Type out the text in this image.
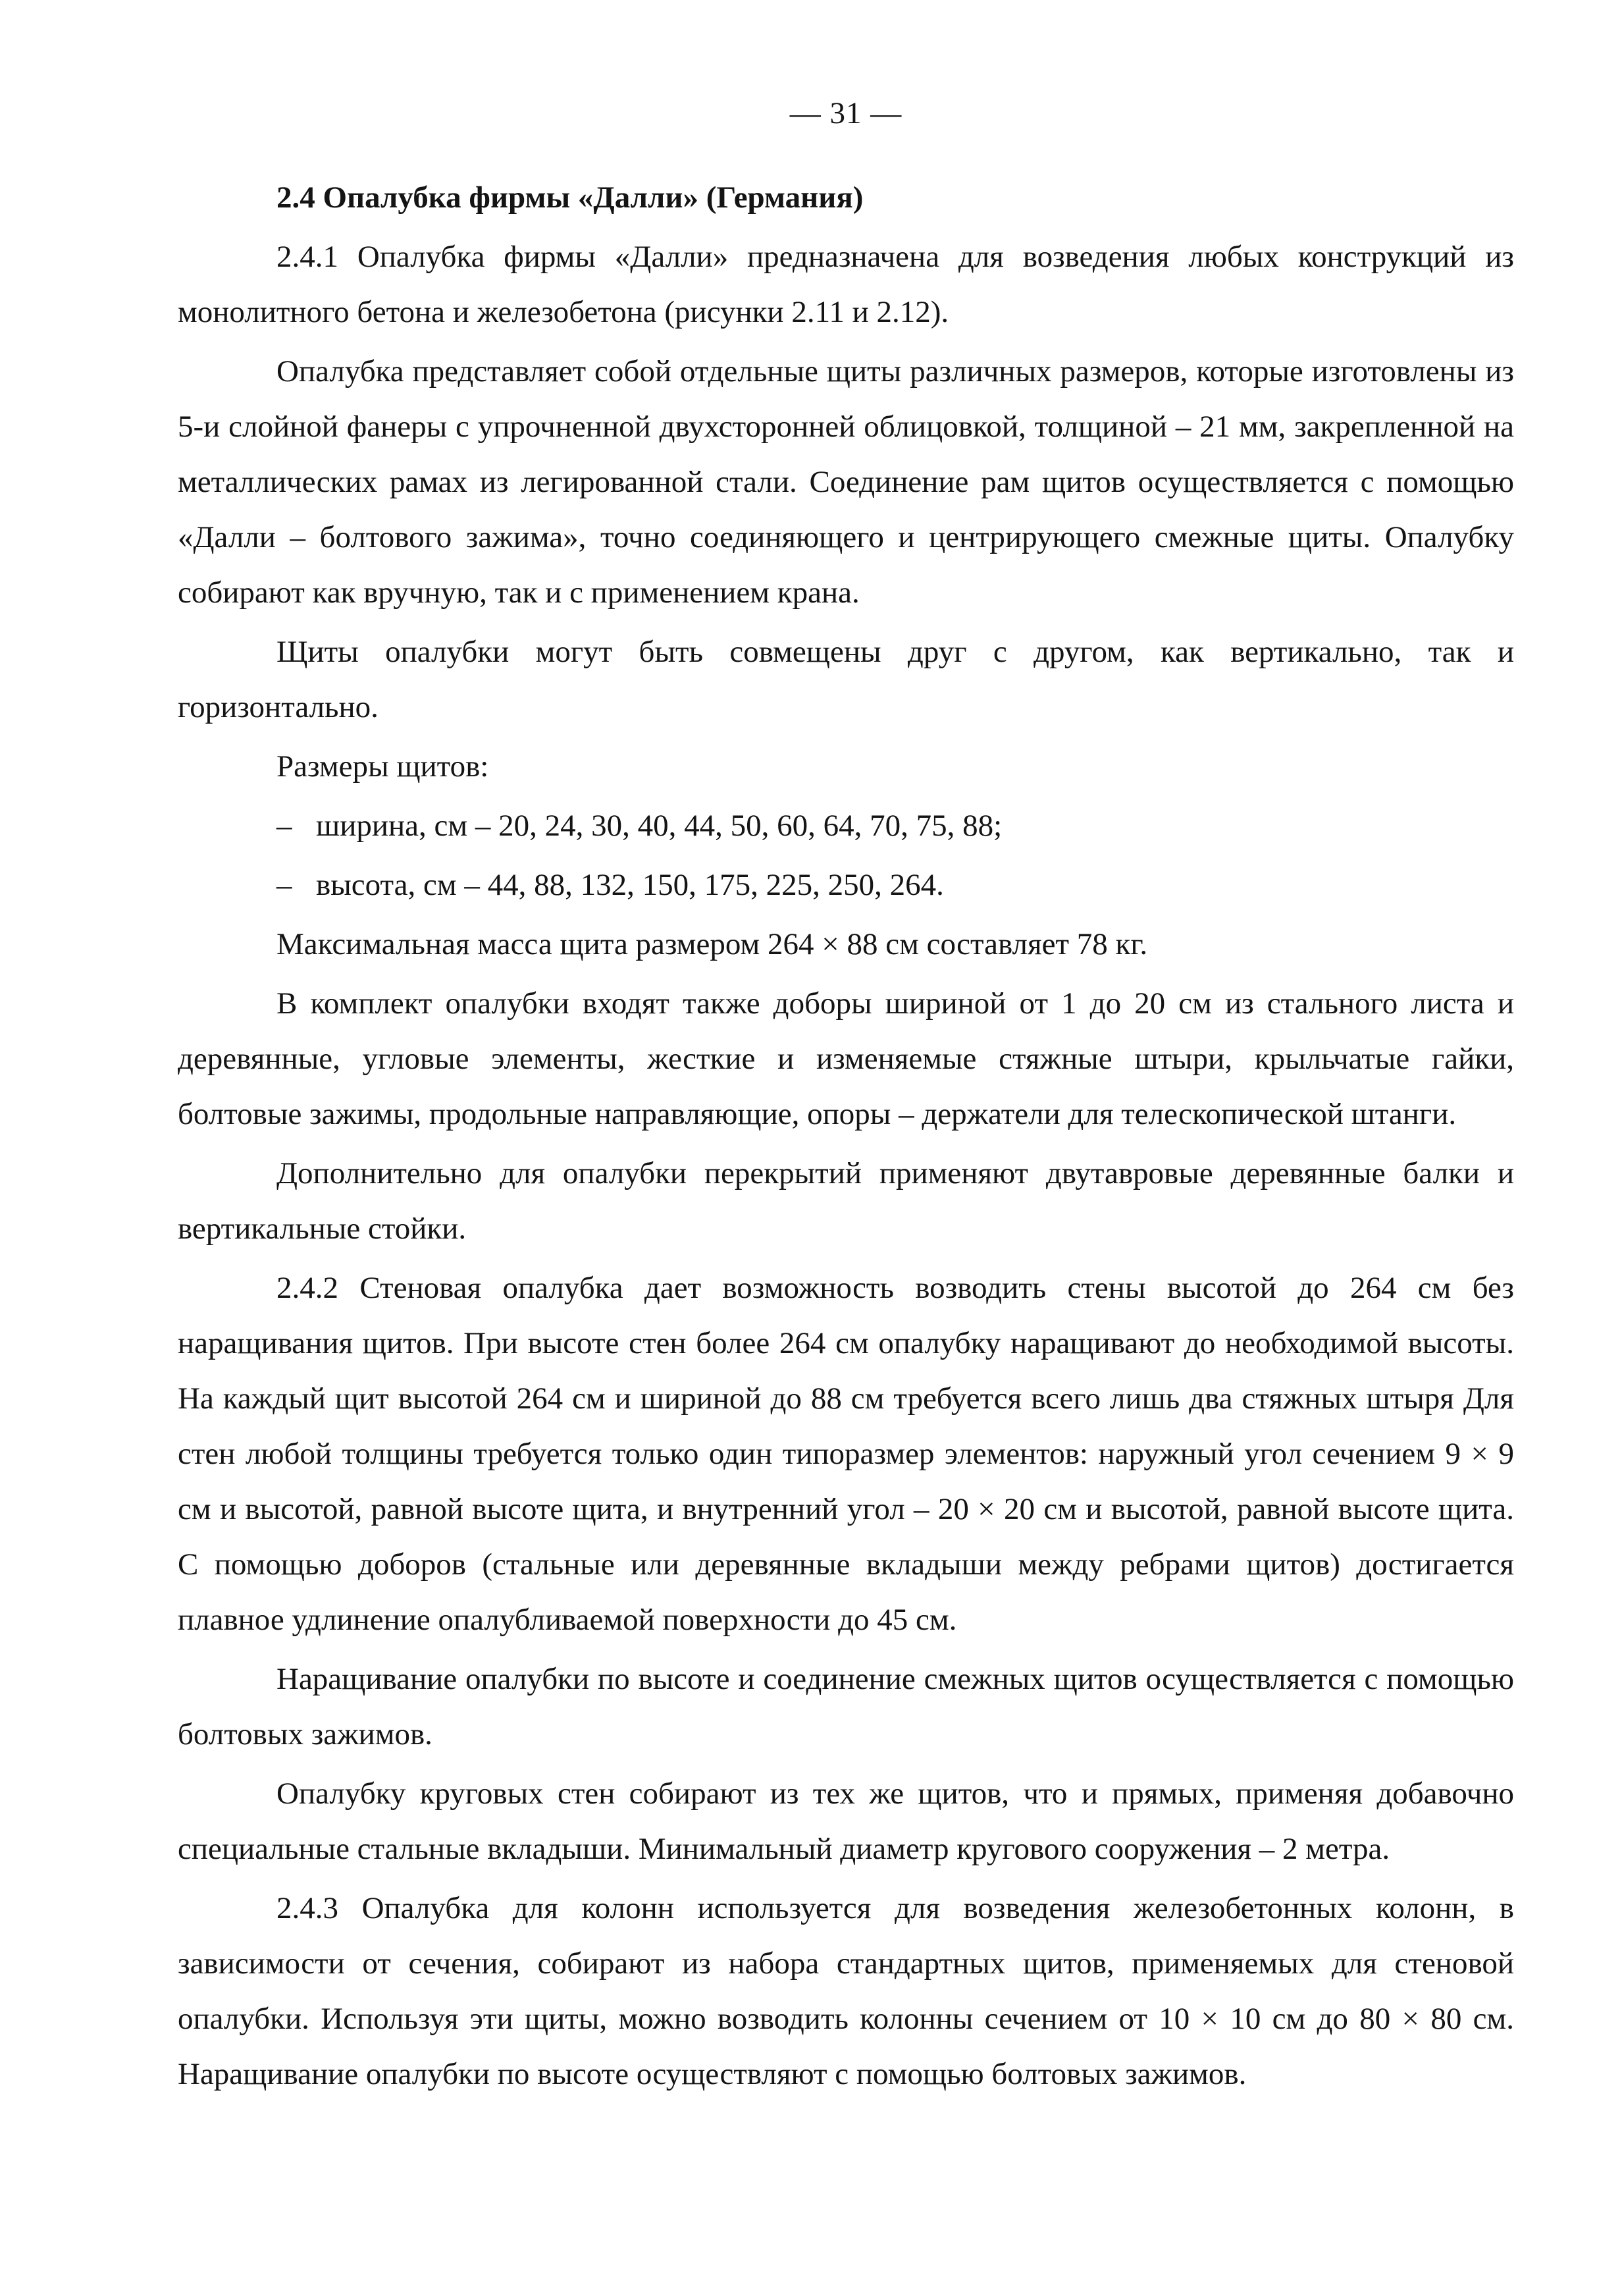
— 31 —
2.4 Опалубка фирмы «Далли» (Германия)

2.4.1 Опалубка фирмы «Далли» предназначена для возведения любых конструкций из монолитного бетона и железобетона (рисунки 2.11 и 2.12).

Опалубка представляет собой отдельные щиты различных размеров, которые изготовлены из 5-и слойной фанеры с упрочненной двухсторонней облицовкой, толщиной – 21 мм, закрепленной на металлических рамах из легированной стали. Соединение рам щитов осуществляется с помощью «Далли – болтового зажима», точно соединяющего и центрирующего смежные щиты. Опалубку собирают как вручную, так и с применением крана.

Щиты опалубки могут быть совмещены друг с другом, как вертикально, так и горизонтально.

Размеры щитов:

– ширина, см – 20, 24, 30, 40, 44, 50, 60, 64, 70, 75, 88;
– высота, см – 44, 88, 132, 150, 175, 225, 250, 264.

Максимальная масса щита размером 264 × 88 см составляет 78 кг.

В комплект опалубки входят также доборы шириной от 1 до 20 см из стального листа и деревянные, угловые элементы, жесткие и изменяемые стяжные штыри, крыльчатые гайки, болтовые зажимы, продольные направляющие, опоры – держатели для телескопической штанги.

Дополнительно для опалубки перекрытий применяют двутавровые деревянные балки и вертикальные стойки.

2.4.2 Стеновая опалубка дает возможность возводить стены высотой до 264 см без наращивания щитов. При высоте стен более 264 см опалубку наращивают до необходимой высоты. На каждый щит высотой 264 см и шириной до 88 см требуется всего лишь два стяжных штыря Для стен любой толщины требуется только один типоразмер элементов: наружный угол сечением 9 × 9 см и высотой, равной высоте щита, и внутренний угол – 20 × 20 см и высотой, равной высоте щита. С помощью доборов (стальные или деревянные вкладыши между ребрами щитов) достигается плавное удлинение опалубливаемой поверхности до 45 см.

Наращивание опалубки по высоте и соединение смежных щитов осуществляется с помощью болтовых зажимов.

Опалубку круговых стен собирают из тех же щитов, что и прямых, применяя добавочно специальные стальные вкладыши. Минимальный диаметр кругового сооружения – 2 метра.

2.4.3 Опалубка для колонн используется для возведения железобетонных колонн, в зависимости от сечения, собирают из набора стандартных щитов, применяемых для стеновой опалубки. Используя эти щиты, можно возводить колонны сечением от 10 × 10 см до 80 × 80 см. Наращивание опалубки по высоте осуществляют с помощью болтовых зажимов.
